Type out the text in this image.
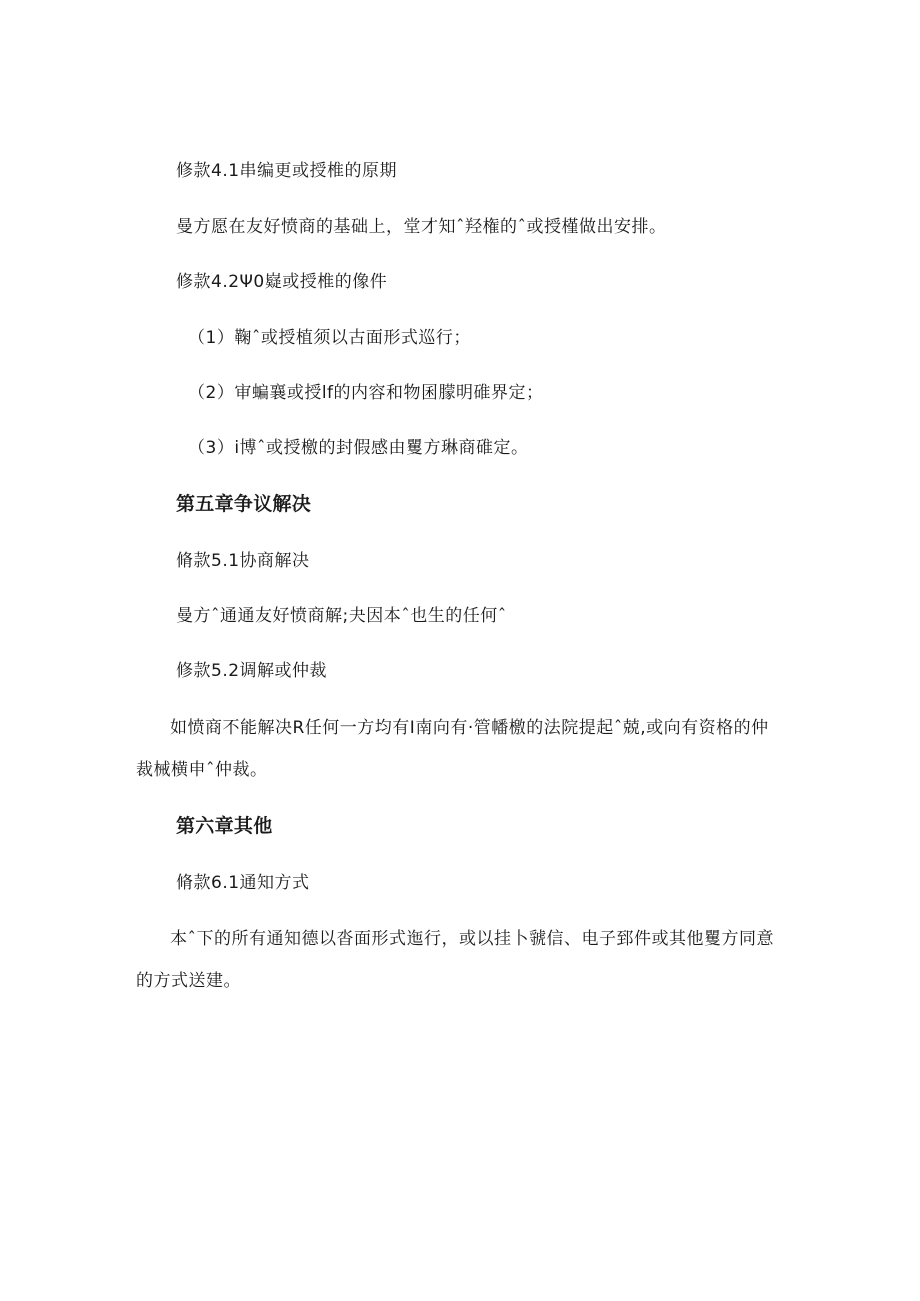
修款4.1串编更或授椎的原期
曼方愿在友好愤商的基础上，堂才知ˆ羟権的ˆ或授槿做出安排。
修款4.2Ψ0嶷或授椎的像件
（1）鞠ˆ或授植须以古面形式巡行；
（2）审蝙襄或授lf的内容和物囷朦明碓界定；
（3）i博ˆ或授檄的封假感由矍方琳商碓定。
第五章争议解决
脩款5.1协商解决
曼方ˆ通通友好愤商解;夬因本ˆ也生的任何ˆ
修款5.2调解或仲裁
如愤商不能解决R任何一方均有I南向有·管幡檄的法院提起ˆ兢,或向有资格的仲裁械横申ˆ仲裁。
第六章其他
脩款6.1通知方式
本ˆ下的所有通知德以沓面形式迤行，或以挂卜虢信、电子郅件或其他矍方同意的方式送建。
